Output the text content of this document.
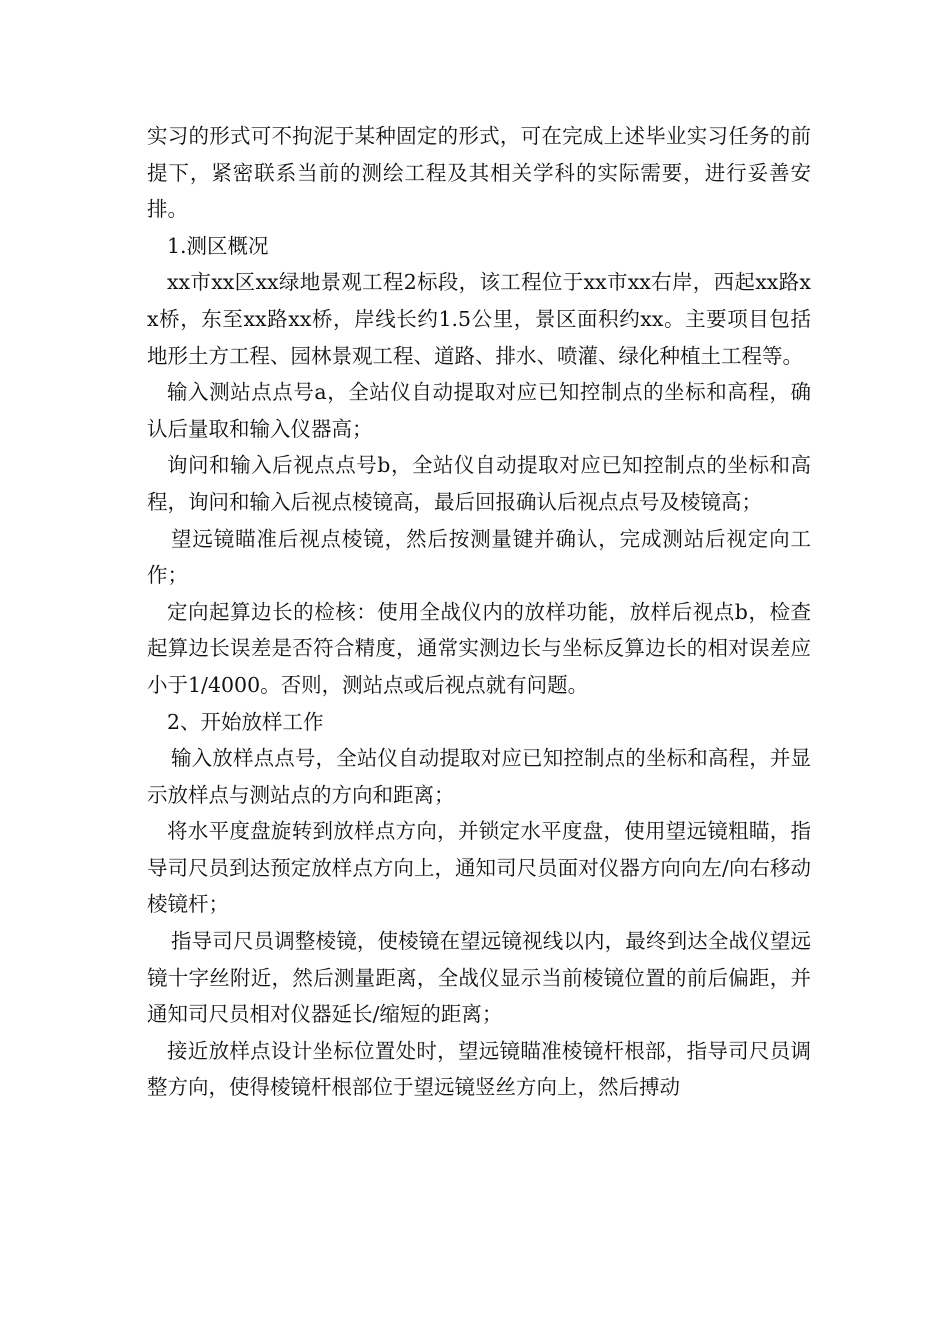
实习的形式可不拘泥于某种固定的形式，可在完成上述毕业实习任务的前提下，紧密联系当前的测绘工程及其相关学科的实际需要，进行妥善安排。

1.测区概况

xx市xx区xx绿地景观工程2标段，该工程位于xx市xx右岸，西起xx路xx桥，东至xx路xx桥，岸线长约1.5公里，景区面积约xx。主要项目包括地形土方工程、园林景观工程、道路、排水、喷灌、绿化种植土工程等。

输入测站点点号a，全站仪自动提取对应已知控制点的坐标和高程，确认后量取和输入仪器高；

询问和输入后视点点号b，全站仪自动提取对应已知控制点的坐标和高程，询问和输入后视点棱镜高，最后回报确认后视点点号及棱镜高；

望远镜瞄准后视点棱镜，然后按测量键并确认，完成测站后视定向工作；

定向起算边长的检核：使用全战仪内的放样功能，放样后视点b，检查起算边长误差是否符合精度，通常实测边长与坐标反算边长的相对误差应小于1/4000。否则，测站点或后视点就有问题。

2、开始放样工作

输入放样点点号，全站仪自动提取对应已知控制点的坐标和高程，并显示放样点与测站点的方向和距离；

将水平度盘旋转到放样点方向，并锁定水平度盘，使用望远镜粗瞄，指导司尺员到达预定放样点方向上，通知司尺员面对仪器方向向左/向右移动棱镜杆；

指导司尺员调整棱镜，使棱镜在望远镜视线以内，最终到达全战仪望远镜十字丝附近，然后测量距离，全战仪显示当前棱镜位置的前后偏距，并通知司尺员相对仪器延长/缩短的距离；

接近放样点设计坐标位置处时，望远镜瞄准棱镜杆根部，指导司尺员调整方向，使得棱镜杆根部位于望远镜竖丝方向上，然后搏动
